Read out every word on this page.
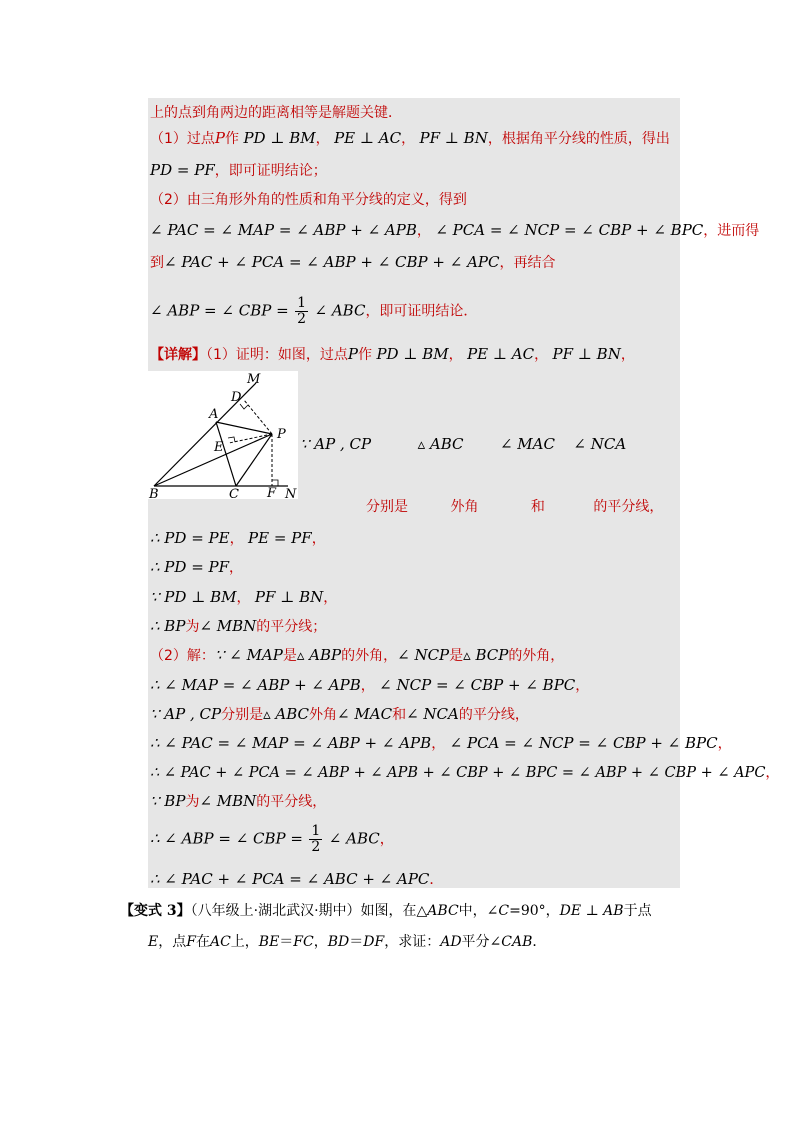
上的点到角两边的距离相等是解题关键．
（1）过点P作 PD ⊥ BM， PE ⊥ AC， PF ⊥ BN，根据角平分线的性质，得出
PD = PF，即可证明结论；
（2）由三角形外角的性质和角平分线的定义，得到
∠ PAC = ∠ MAP = ∠ ABP + ∠ APB， ∠ PCA = ∠ NCP = ∠ CBP + ∠ BPC，进而得
到∠ PAC + ∠ PCA = ∠ ABP + ∠ CBP + ∠ APC，再结合
∠ ABP = ∠ CBP = $\frac{1}{2}$ ∠ ABC，即可证明结论．
【详解】（1）证明：如图，过点P作 PD ⊥ BM， PE ⊥ AC， PF ⊥ BN，
M
D
A
P
E
B	C F N
∵ AP , CP	▵ ABC ∠ MAC ∠ NCA
分别是	外角	和	的平分线，
∴ PD = PE， PE = PF，
∴ PD = PF，
∵ PD ⊥ BM， PF ⊥ BN，
∴ BP为∠ MBN的平分线；
（2）解：∵ ∠ MAP是▵ ABP的外角，∠ NCP是▵ BCP的外角，
∴ ∠ MAP = ∠ ABP + ∠ APB， ∠ NCP = ∠ CBP + ∠ BPC，
∵ AP , CP分别是▵ ABC外角∠ MAC和∠ NCA的平分线，
∴ ∠ PAC = ∠ MAP = ∠ ABP + ∠ APB， ∠ PCA = ∠ NCP = ∠ CBP + ∠ BPC，
∴ ∠ PAC + ∠ PCA = ∠ ABP + ∠ APB + ∠ CBP + ∠ BPC = ∠ ABP + ∠ CBP + ∠ APC，
∵ BP为∠ MBN的平分线，
∴ ∠ ABP = ∠ CBP = $\frac{1}{2}$ ∠ ABC，
∴ ∠ PAC + ∠ PCA = ∠ ABC + ∠ APC．
【变式 3】（八年级上·湖北武汉·期中）如图，在△ABC中，∠C=90°，DE ⊥ AB于点
E，点F在AC上，BE＝FC，BD＝DF，求证：AD平分∠CAB．
